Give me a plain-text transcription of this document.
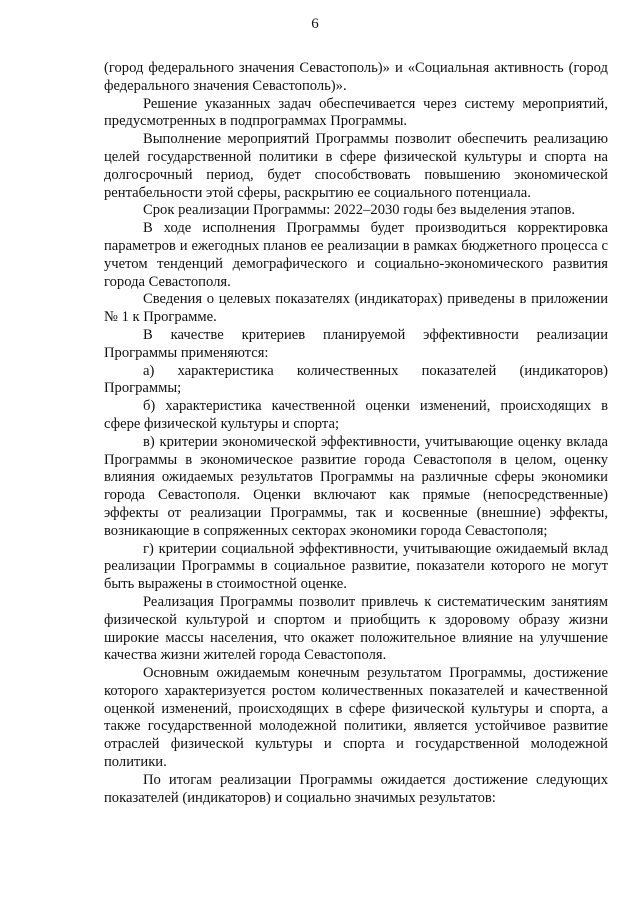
6

(город федерального значения Севастополь)» и «Социальная активность (город федерального значения Севастополь)».

Решение указанных задач обеспечивается через систему мероприятий, предусмотренных в подпрограммах Программы.

Выполнение мероприятий Программы позволит обеспечить реализацию целей государственной политики в сфере физической культуры и спорта на долгосрочный период, будет способствовать повышению экономической рентабельности этой сферы, раскрытию ее социального потенциала.

Срок реализации Программы: 2022–2030 годы без выделения этапов.

В ходе исполнения Программы будет производиться корректировка параметров и ежегодных планов ее реализации в рамках бюджетного процесса с учетом тенденций демографического и социально-экономического развития города Севастополя.

Сведения о целевых показателях (индикаторах) приведены в приложении № 1 к Программе.

В качестве критериев планируемой эффективности реализации Программы применяются:

а) характеристика количественных показателей (индикаторов) Программы;

б) характеристика качественной оценки изменений, происходящих в сфере физической культуры и спорта;

в) критерии экономической эффективности, учитывающие оценку вклада Программы в экономическое развитие города Севастополя в целом, оценку влияния ожидаемых результатов Программы на различные сферы экономики города Севастополя. Оценки включают как прямые (непосредственные) эффекты от реализации Программы, так и косвенные (внешние) эффекты, возникающие в сопряженных секторах экономики города Севастополя;

г) критерии социальной эффективности, учитывающие ожидаемый вклад реализации Программы в социальное развитие, показатели которого не могут быть выражены в стоимостной оценке.

Реализация Программы позволит привлечь к систематическим занятиям физической культурой и спортом и приобщить к здоровому образу жизни широкие массы населения, что окажет положительное влияние на улучшение качества жизни жителей города Севастополя.

Основным ожидаемым конечным результатом Программы, достижение которого характеризуется ростом количественных показателей и качественной оценкой изменений, происходящих в сфере физической культуры и спорта, а также государственной молодежной политики, является устойчивое развитие отраслей физической культуры и спорта и государственной молодежной политики.

По итогам реализации Программы ожидается достижение следующих показателей (индикаторов) и социально значимых результатов:
